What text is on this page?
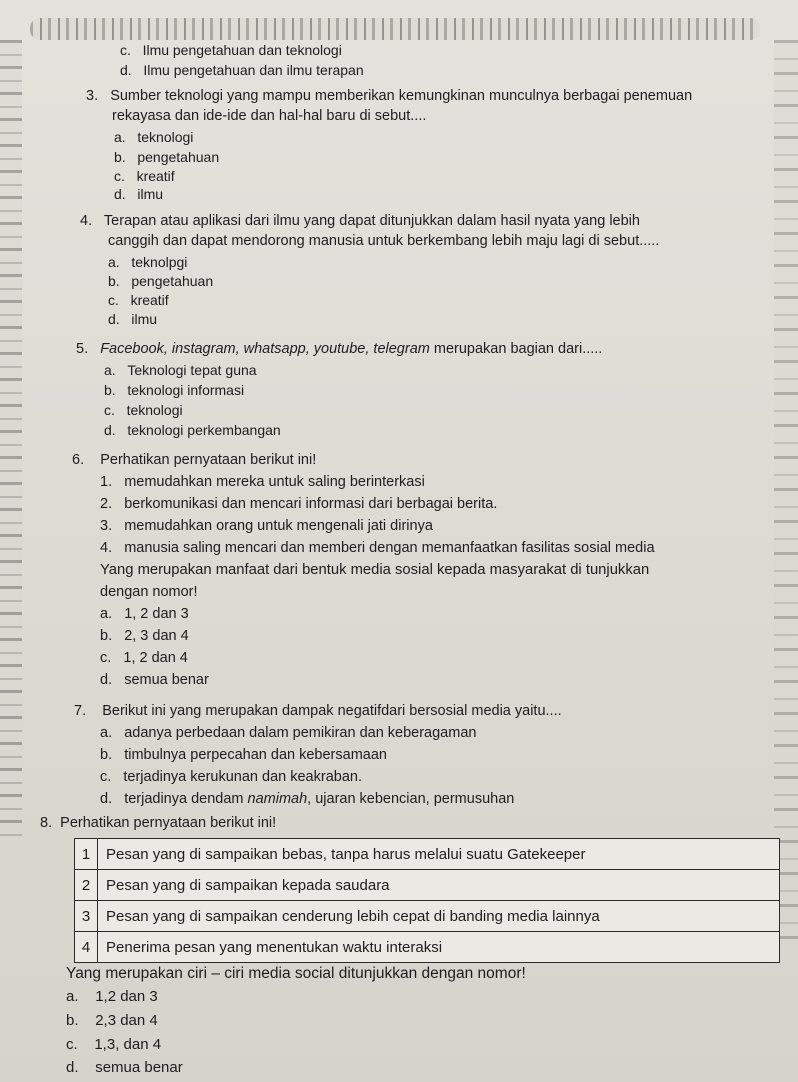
c. Ilmu pengetahuan dan teknologi
d. Ilmu pengetahuan dan ilmu terapan
3. Sumber teknologi yang mampu memberikan kemungkinan munculnya berbagai penemuan
rekayasa dan ide-ide dan hal-hal baru di sebut....
a. teknologi
b. pengetahuan
c. kreatif
d. ilmu
4. Terapan atau aplikasi dari ilmu yang dapat ditunjukkan dalam hasil nyata yang lebih
canggih dan dapat mendorong manusia untuk berkembang lebih maju lagi di sebut.....
a. teknolpgi
b. pengetahuan
c. kreatif
d. ilmu
5. Facebook, instagram, whatsapp, youtube, telegram merupakan bagian dari.....
a. Teknologi tepat guna
b. teknologi informasi
c. teknologi
d. teknologi perkembangan
6. Perhatikan pernyataan berikut ini!
1. memudahkan mereka untuk saling berinterkasi
2. berkomunikasi dan mencari informasi dari berbagai berita.
3. memudahkan orang untuk mengenali jati dirinya
4. manusia saling mencari dan memberi dengan memanfaatkan fasilitas sosial media
Yang merupakan manfaat dari bentuk media sosial kepada masyarakat di tunjukkan
dengan nomor!
a. 1, 2 dan 3
b. 2, 3 dan 4
c. 1, 2 dan 4
d. semua benar
7. Berikut ini yang merupakan dampak negatifdari bersosial media yaitu....
a. adanya perbedaan dalam pemikiran dan keberagaman
b. timbulnya perpecahan dan kebersamaan
c. terjadinya kerukunan dan keakraban.
d. terjadinya dendam namimah, ujaran kebencian, permusuhan
8. Perhatikan pernyataan berikut ini!
1	Pesan yang di sampaikan bebas, tanpa harus melalui suatu Gatekeeper
2	Pesan yang di sampaikan kepada saudara
3	Pesan yang di sampaikan cenderung lebih cepat di banding media lainnya
4	Penerima pesan yang menentukan waktu interaksi
Yang merupakan ciri – ciri media social ditunjukkan dengan nomor!
a. 1,2 dan 3
b. 2,3 dan 4
c. 1,3, dan 4
d. semua benar
